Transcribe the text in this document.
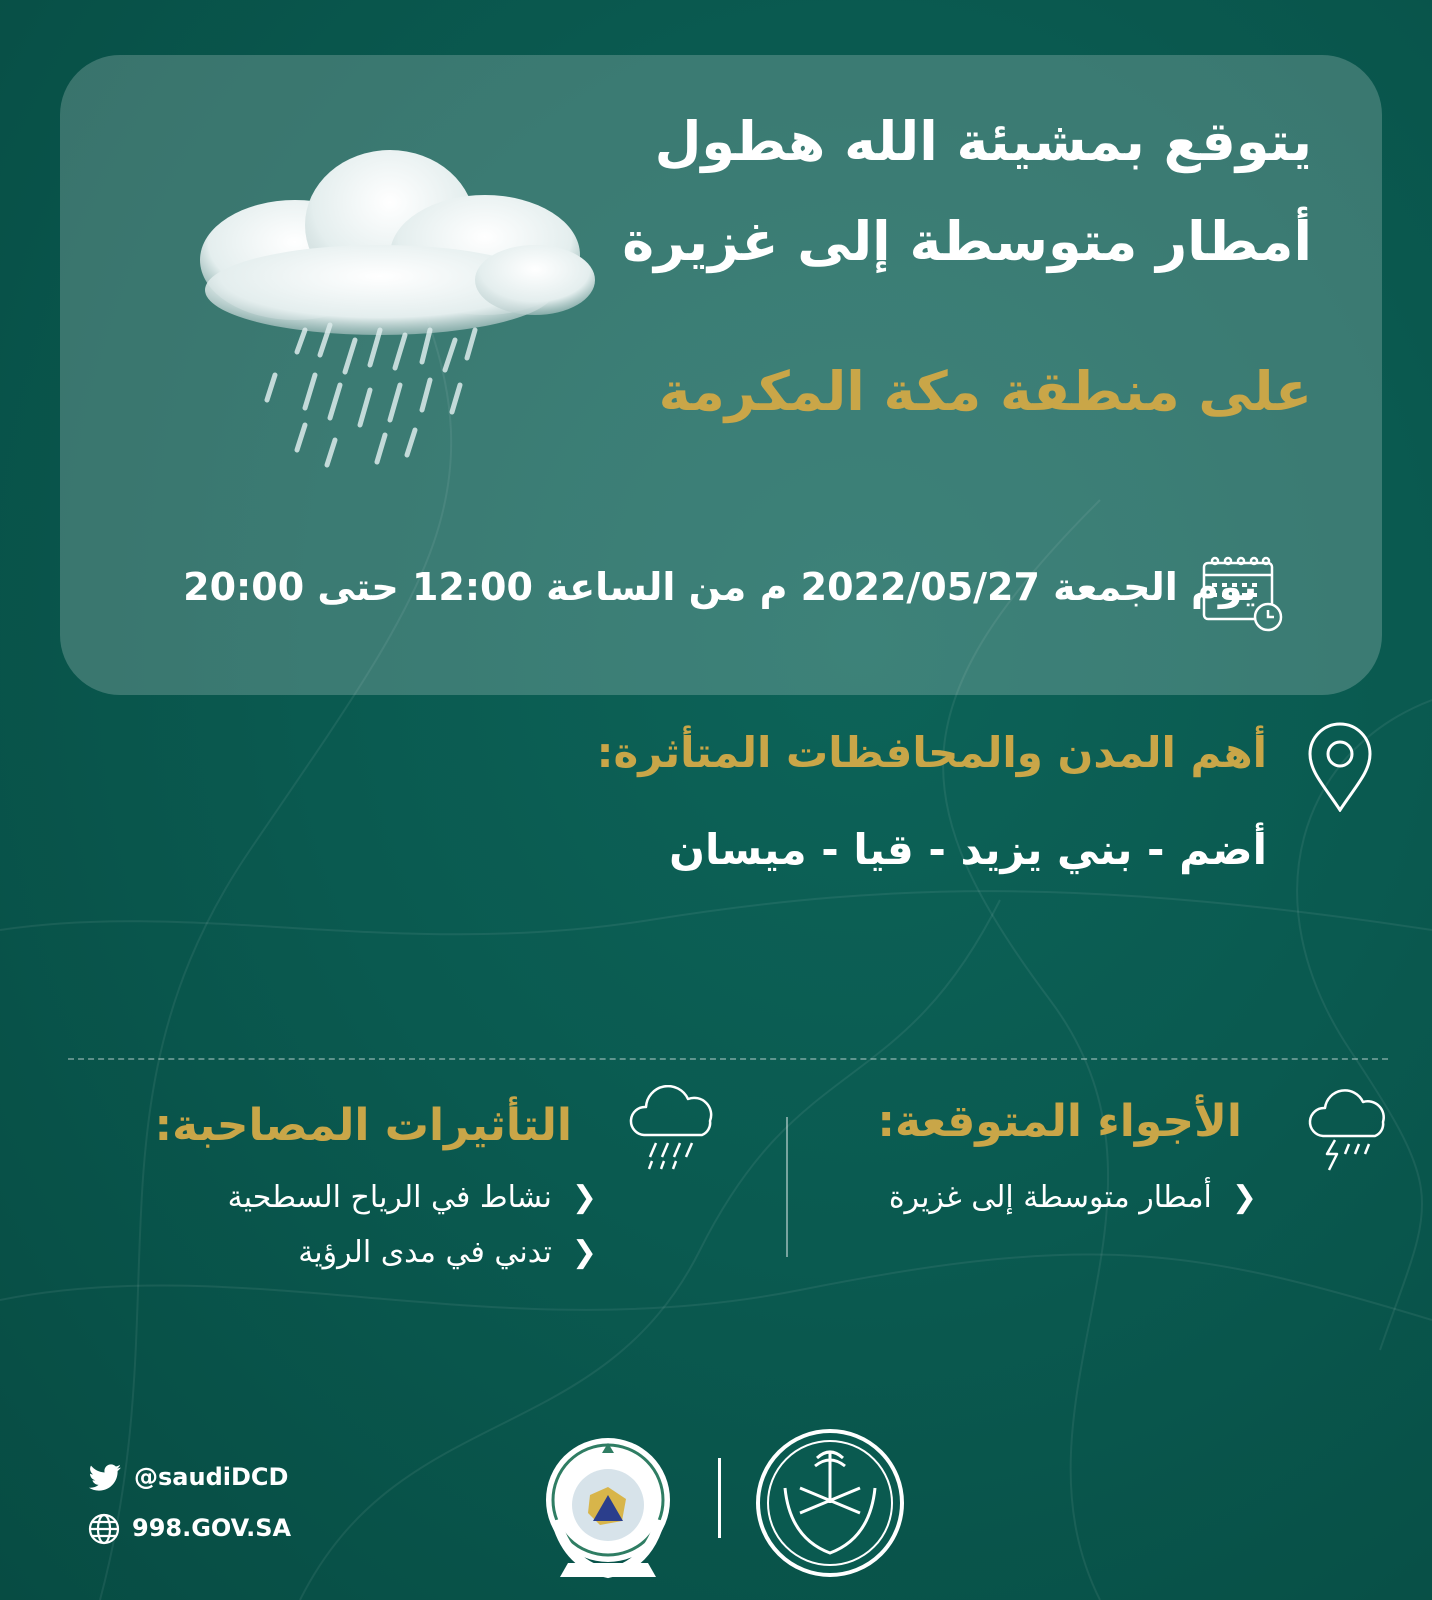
يتوقع بمشيئة الله هطول
أمطار متوسطة إلى غزيرة
على منطقة مكة المكرمة
يوم الجمعة 2022/05/27 م من الساعة 12:00 حتى 20:00
أهم المدن والمحافظات المتأثرة:
أضم - بني يزيد - قيا - ميسان
الأجواء المتوقعة:
❮أمطار متوسطة إلى غزيرة
التأثيرات المصاحبة:
❮نشاط في الرياح السطحية
❮تدني في مدى الرؤية
@saudiDCD
998.GOV.SA
